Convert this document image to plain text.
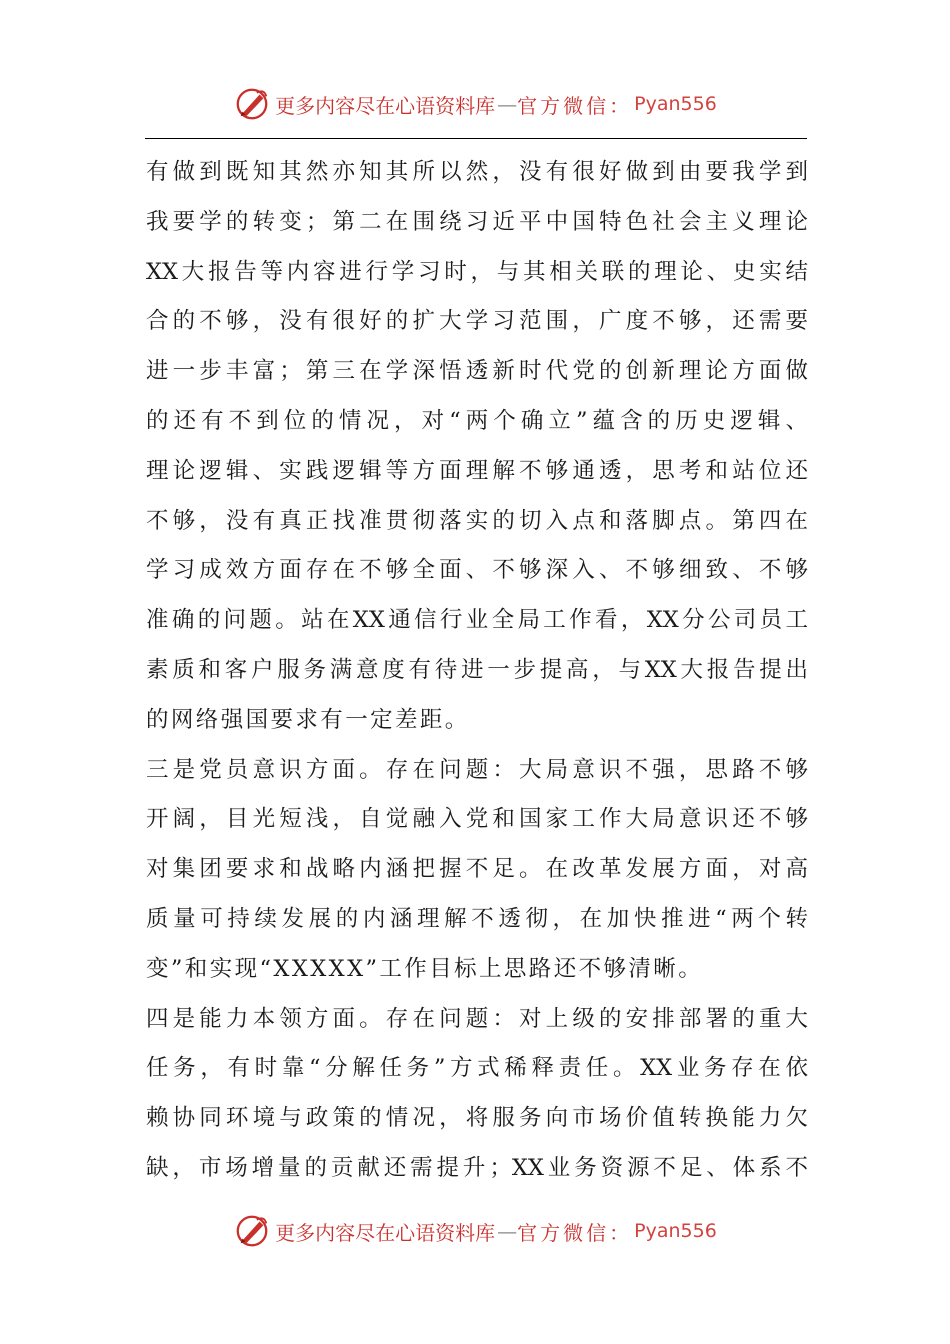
更多内容尽在心语资料库 — 官方微信： Pyan556
有做到既知其然亦知其所以然，没有很好做到由要我学到
我要学的转变；第二在围绕习近平中国特色社会主义理论
XX大报告等内容进行学习时，与其相关联的理论、史实结
合的不够，没有很好的扩大学习范围，广度不够，还需要
进一步丰富；第三在学深悟透新时代党的创新理论方面做
的还有不到位的情况，对“两个确立”蕴含的历史逻辑、
理论逻辑、实践逻辑等方面理解不够通透，思考和站位还
不够，没有真正找准贯彻落实的切入点和落脚点。第四在
学习成效方面存在不够全面、不够深入、不够细致、不够
准确的问题。站在XX通信行业全局工作看，XX分公司员工
素质和客户服务满意度有待进一步提高，与XX大报告提出
的网络强国要求有一定差距。
三是党员意识方面。存在问题：大局意识不强，思路不够
开阔，目光短浅，自觉融入党和国家工作大局意识还不够
对集团要求和战略内涵把握不足。在改革发展方面，对高
质量可持续发展的内涵理解不透彻，在加快推进“两个转
变”和实现“XXXXX”工作目标上思路还不够清晰。
四是能力本领方面。存在问题：对上级的安排部署的重大
任务，有时靠“分解任务”方式稀释责任。XX业务存在依
赖协同环境与政策的情况，将服务向市场价值转换能力欠
缺，市场增量的贡献还需提升；XX业务资源不足、体系不
更多内容尽在心语资料库 — 官方微信： Pyan556
